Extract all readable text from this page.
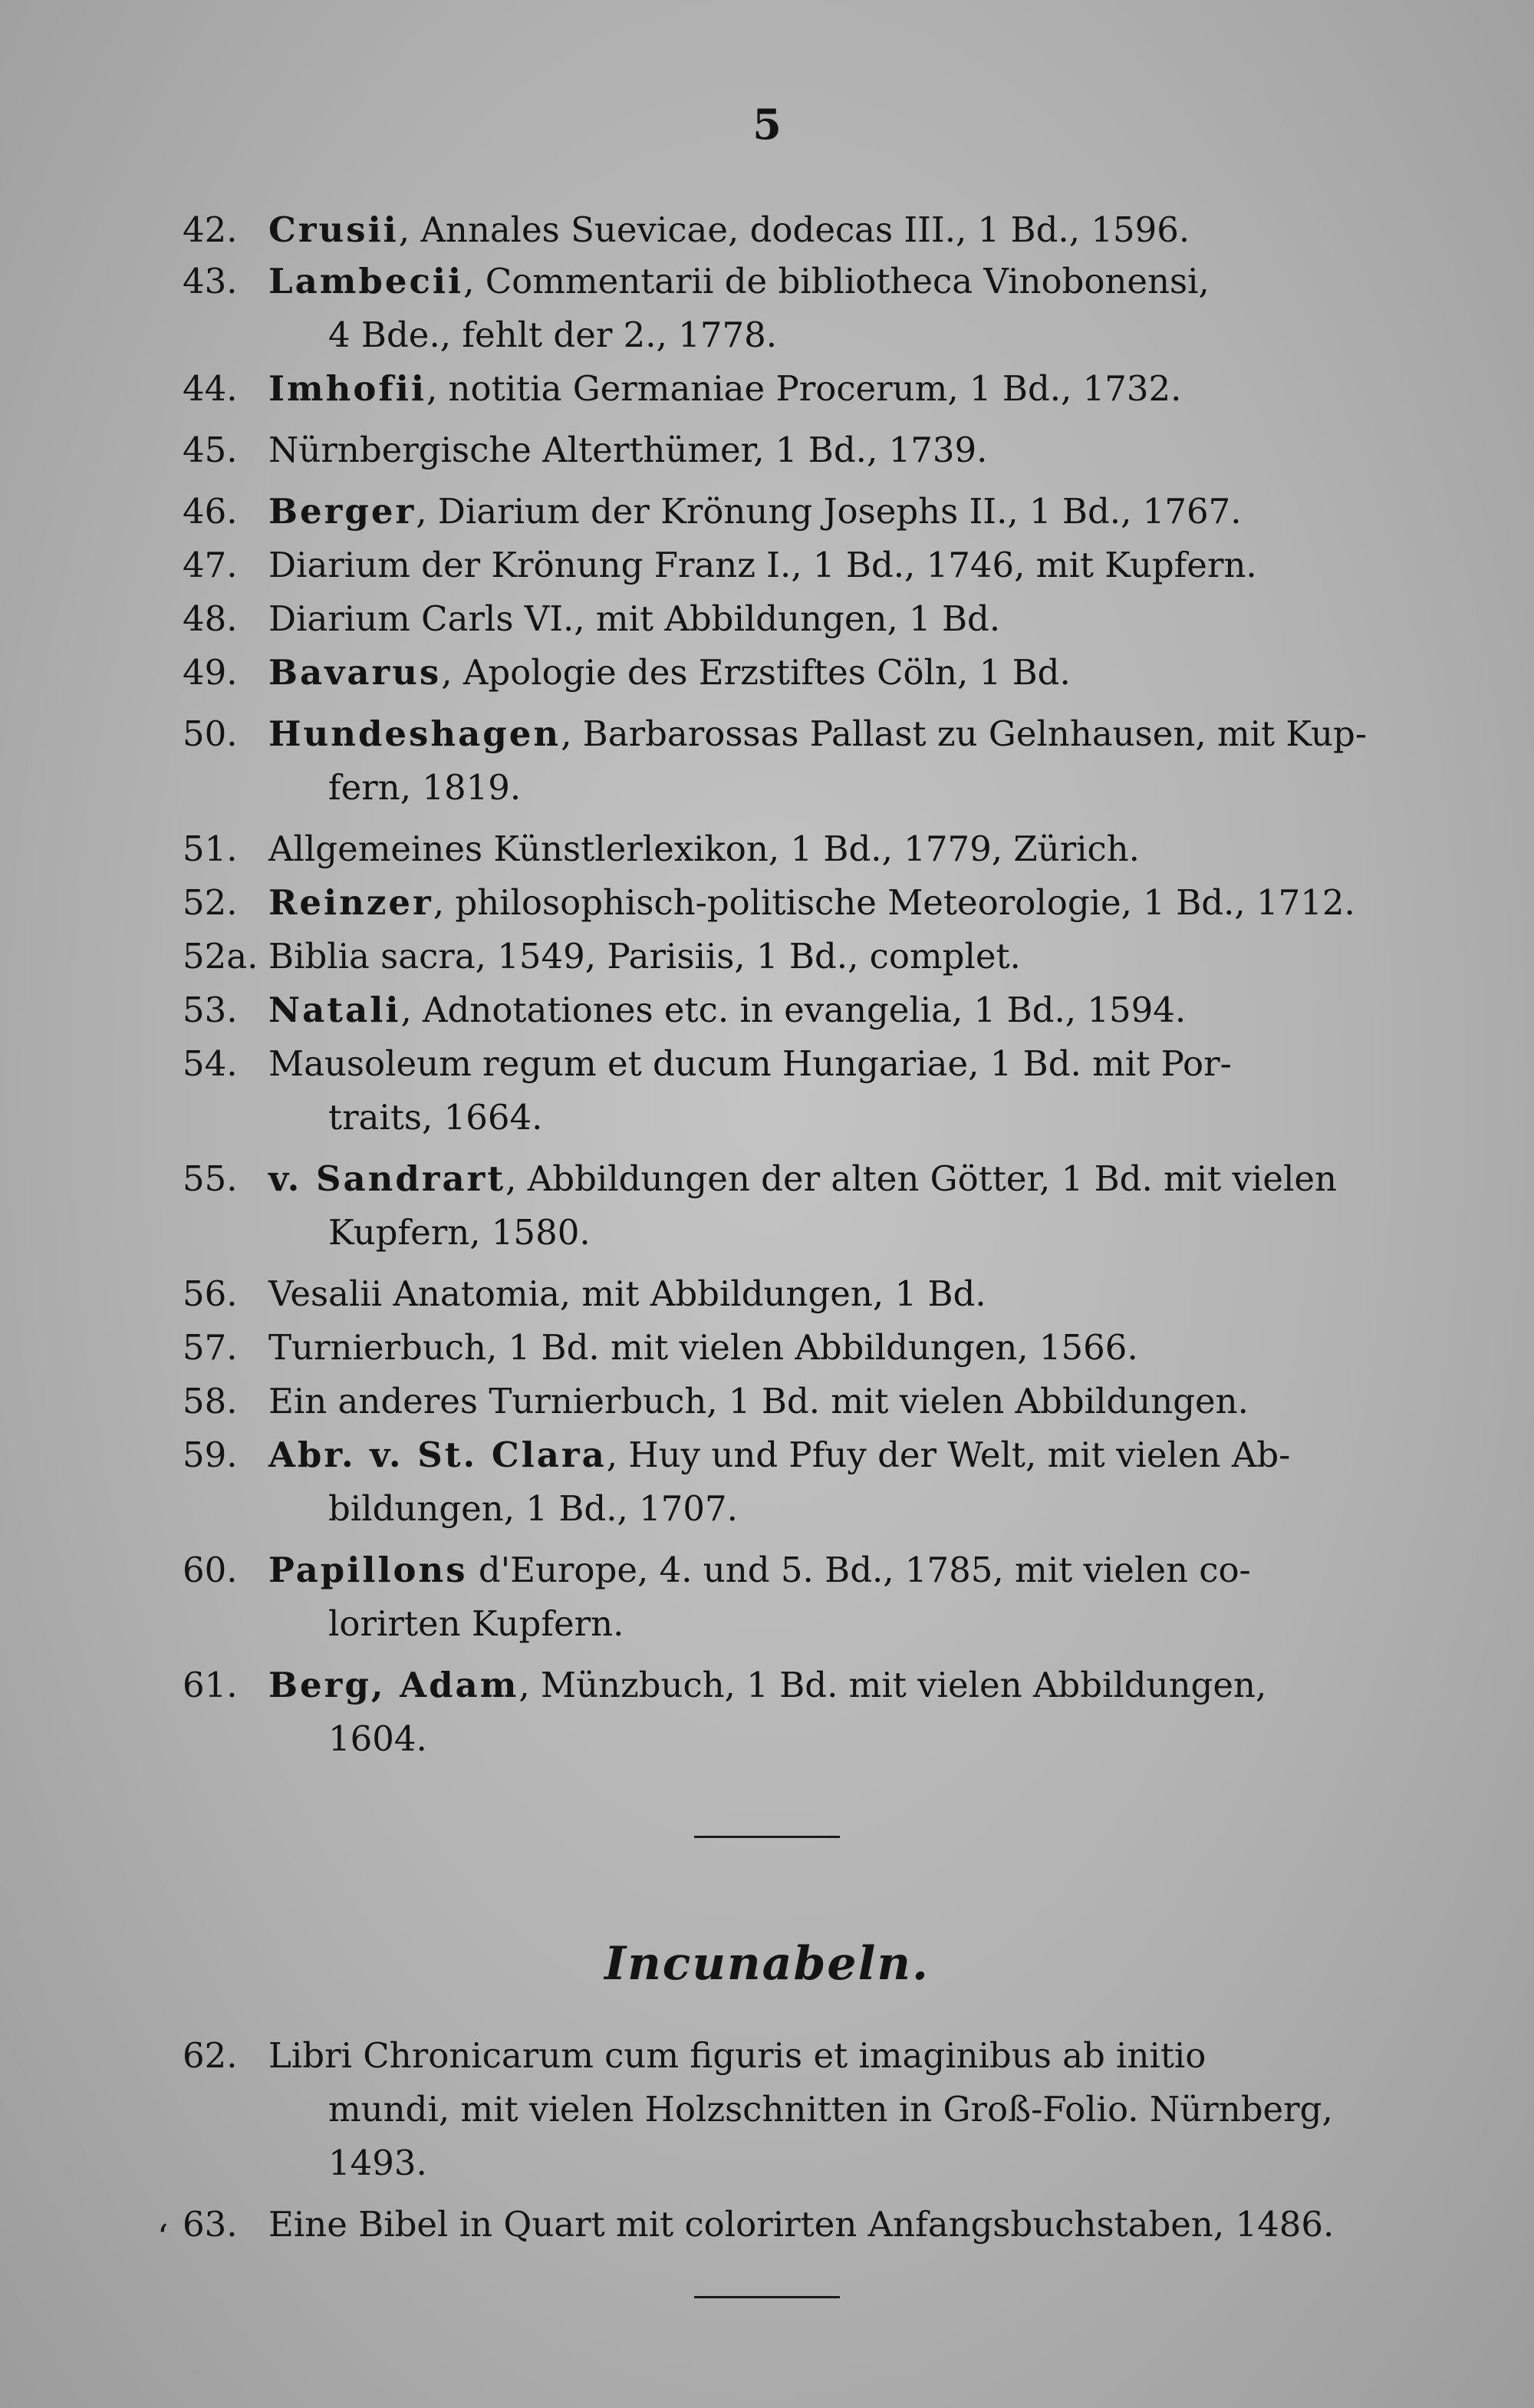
5
42. Crusii, Annales Suevicae, dodecas III., 1 Bd., 1596.
43. Lambecii, Commentarii de bibliotheca Vinobonensi,
4 Bde., fehlt der 2., 1778.
44. Imhofii, notitia Germaniae Procerum, 1 Bd., 1732.
45. Nürnbergische Alterthümer, 1 Bd., 1739.
46. Berger, Diarium der Krönung Josephs II., 1 Bd., 1767.
47. Diarium der Krönung Franz I., 1 Bd., 1746, mit Kupfern.
48. Diarium Carls VI., mit Abbildungen, 1 Bd.
49. Bavarus, Apologie des Erzstiftes Cöln, 1 Bd.
50. Hundeshagen, Barbarossas Pallast zu Gelnhausen, mit Kup-
fern, 1819.
51. Allgemeines Künstlerlexikon, 1 Bd., 1779, Zürich.
52. Reinzer, philosophisch-politische Meteorologie, 1 Bd., 1712.
52a. Biblia sacra, 1549, Parisiis, 1 Bd., complet.
53. Natali, Adnotationes etc. in evangelia, 1 Bd., 1594.
54. Mausoleum regum et ducum Hungariae, 1 Bd. mit Por-
traits, 1664.
55. v. Sandrart, Abbildungen der alten Götter, 1 Bd. mit vielen
Kupfern, 1580.
56. Vesalii Anatomia, mit Abbildungen, 1 Bd.
57. Turnierbuch, 1 Bd. mit vielen Abbildungen, 1566.
58. Ein anderes Turnierbuch, 1 Bd. mit vielen Abbildungen.
59. Abr. v. St. Clara, Huy und Pfuy der Welt, mit vielen Ab-
bildungen, 1 Bd., 1707.
60. Papillons d'Europe, 4. und 5. Bd., 1785, mit vielen co-
lorirten Kupfern.
61. Berg, Adam, Münzbuch, 1 Bd. mit vielen Abbildungen,
1604.
Incunabeln.
62. Libri Chronicarum cum figuris et imaginibus ab initio
mundi, mit vielen Holzschnitten in Groß-Folio. Nürnberg,
1493.
63. Eine Bibel in Quart mit colorirten Anfangsbuchstaben, 1486.
‘
